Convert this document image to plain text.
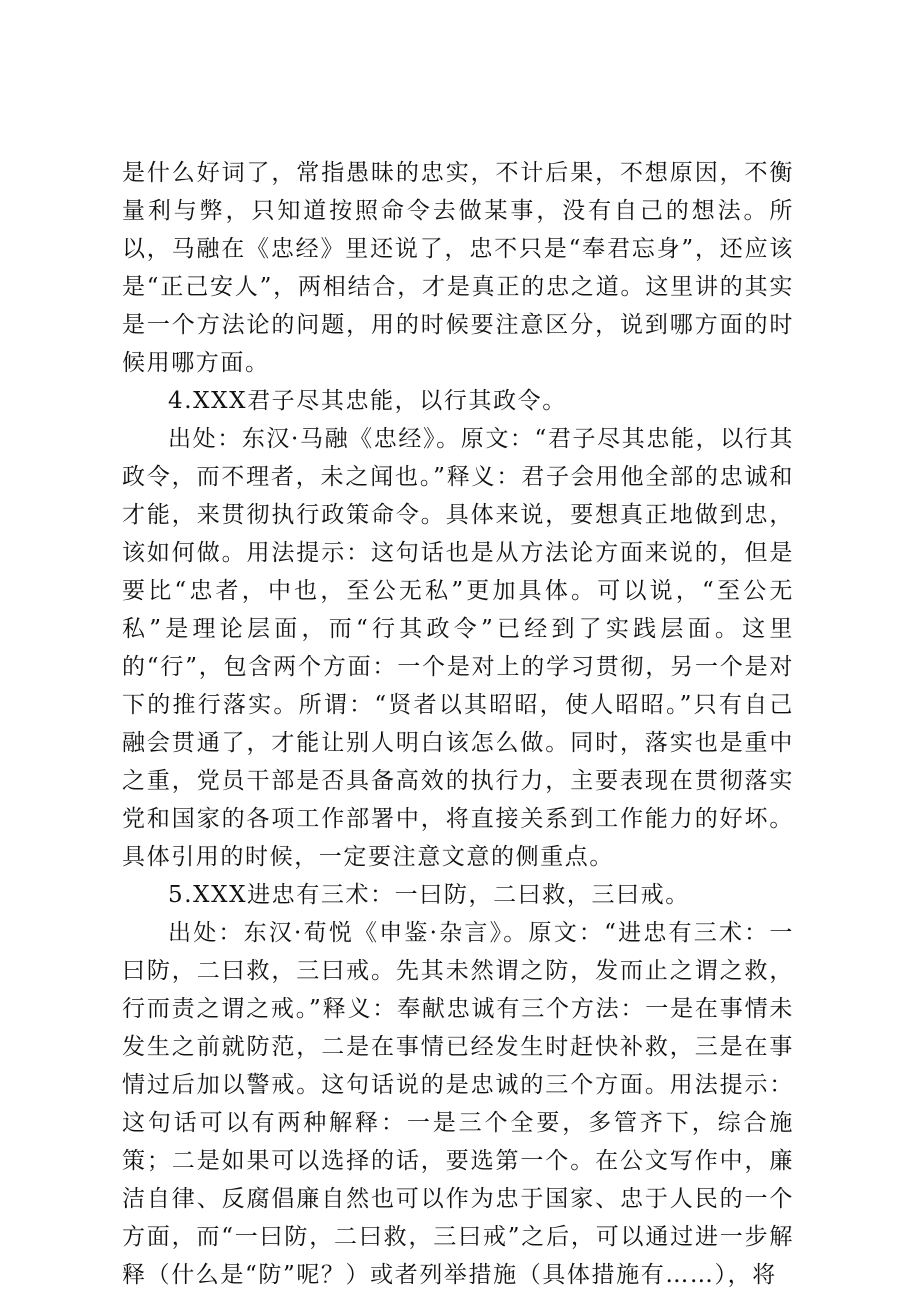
是什么好词了，常指愚昧的忠实，不计后果，不想原因，不衡量利与弊，只知道按照命令去做某事，没有自己的想法。所以，马融在《忠经》里还说了，忠不只是“奉君忘身”，还应该是“正己安人”，两相结合，才是真正的忠之道。这里讲的其实是一个方法论的问题，用的时候要注意区分，说到哪方面的时候用哪方面。

4.XXX君子尽其忠能，以行其政令。

出处：东汉·马融《忠经》。原文：“君子尽其忠能，以行其政令，而不理者，未之闻也。”释义：君子会用他全部的忠诚和才能，来贯彻执行政策命令。具体来说，要想真正地做到忠，该如何做。用法提示：这句话也是从方法论方面来说的，但是要比“忠者，中也，至公无私”更加具体。可以说，“至公无私”是理论层面，而“行其政令”已经到了实践层面。这里的“行”，包含两个方面：一个是对上的学习贯彻，另一个是对下的推行落实。所谓：“贤者以其昭昭，使人昭昭。”只有自己融会贯通了，才能让别人明白该怎么做。同时，落实也是重中之重，党员干部是否具备高效的执行力，主要表现在贯彻落实党和国家的各项工作部署中，将直接关系到工作能力的好坏。具体引用的时候，一定要注意文意的侧重点。

5.XXX进忠有三术：一曰防，二曰救，三曰戒。

出处：东汉·荀悦《申鉴·杂言》。原文：“进忠有三术：一曰防，二曰救，三曰戒。先其未然谓之防，发而止之谓之救，行而责之谓之戒。”释义：奉献忠诚有三个方法：一是在事情未发生之前就防范，二是在事情已经发生时赶快补救，三是在事情过后加以警戒。这句话说的是忠诚的三个方面。用法提示：这句话可以有两种解释：一是三个全要，多管齐下，综合施策；二是如果可以选择的话，要选第一个。在公文写作中，廉洁自律、反腐倡廉自然也可以作为忠于国家、忠于人民的一个方面，而“一曰防，二曰救，三曰戒”之后，可以通过进一步解释（什么是“防”呢？）或者列举措施（具体措施有……），将
